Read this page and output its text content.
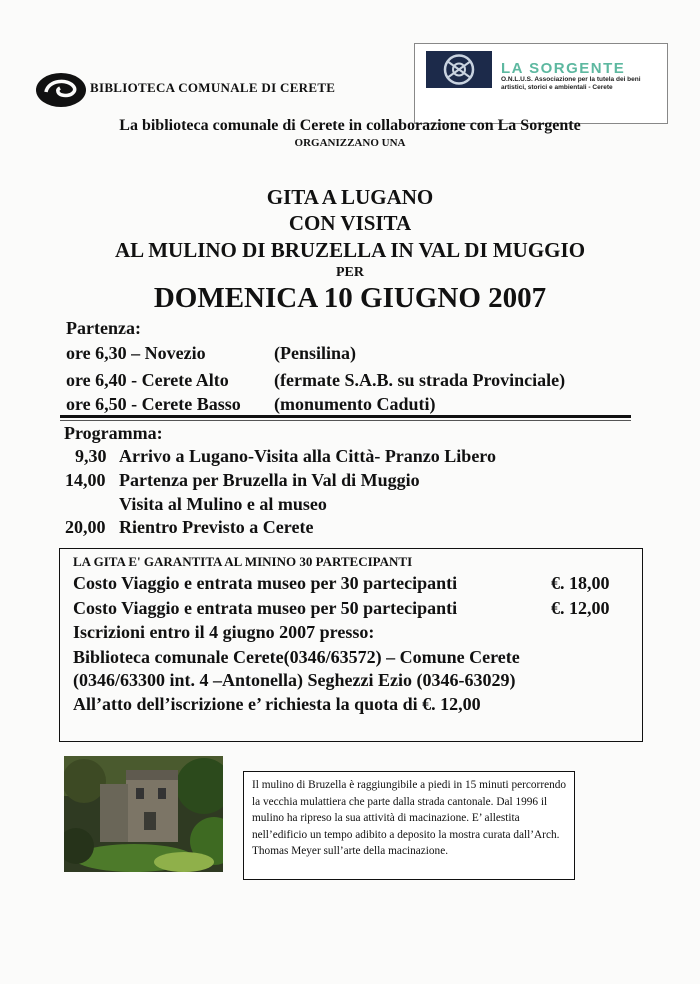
BIBLIOTECA COMUNALE DI CERETE
LA SORGENTE
O.N.L.U.S. Associazione per la tutela dei beni artistici, storici e ambientali - Cerete
La biblioteca comunale di Cerete in collaborazione con La Sorgente
ORGANIZZANO UNA
GITA A LUGANO
CON VISITA
AL MULINO DI BRUZELLA IN VAL DI MUGGIO
PER
DOMENICA 10 GIUGNO 2007
Partenza:
ore 6,30 – Novezio	(Pensilina)
ore 6,40 - Cerete Alto	(fermate S.A.B. su strada Provinciale)
ore 6,50 - Cerete Basso (monumento Caduti)
Programma:
9,30 Arrivo a Lugano-Visita alla Città- Pranzo Libero
14,00 Partenza per Bruzella in Val di Muggio
Visita al Mulino e al museo
20,00 Rientro Previsto a Cerete
LA GITA E' GARANTITA AL MININO 30 PARTECIPANTI
Costo Viaggio e entrata museo per 30 partecipanti	€. 18,00
Costo Viaggio e entrata museo per 50 partecipanti	€. 12,00
Iscrizioni entro il 4 giugno 2007 presso:
Biblioteca comunale Cerete(0346/63572) – Comune Cerete
(0346/63300 int. 4 –Antonella) Seghezzi Ezio (0346-63029)
All’atto dell’iscrizione e’ richiesta la quota di €. 12,00
Il mulino di Bruzella è raggiungibile a piedi in 15 minuti percorrendo la vecchia mulattiera che parte dalla strada cantonale. Dal 1996 il mulino ha ripreso la sua attività di macinazione. E’ allestita nell’edificio un tempo adibito a deposito la mostra curata dall’Arch. Thomas Meyer sull’arte della macinazione.
